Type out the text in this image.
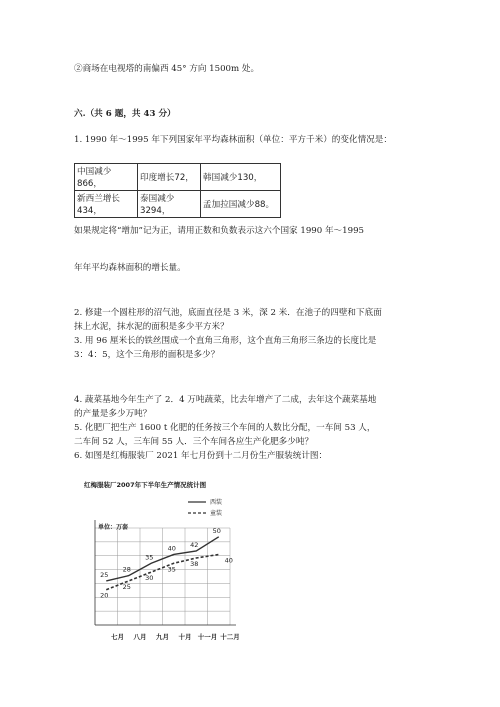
②商场在电视塔的南偏西 45° 方向 1500m 处。
六.（共 6 题，共 43 分）
1. 1990 年～1995 年下列国家年平均森林面积（单位：平方千米）的变化情况是：
中国减少866，	印度增长72，	韩国减少130，
新西兰增长434，	泰国减少3294，	孟加拉国减少88。
如果规定将“增加”记为正，请用正数和负数表示这六个国家 1990 年～1995
年年平均森林面积的增长量。
2. 修建一个圆柱形的沼气池，底面直径是 3 米，深 2 米．在池子的四壁和下底面
抹上水泥，抹水泥的面积是多少平方米？
3. 用 96 厘米长的铁丝围成一个直角三角形，这个直角三角形三条边的长度比是
3：4：5，这个三角形的面积是多少？
4. 蔬菜基地今年生产了 2．4 万吨蔬菜，比去年增产了二成，去年这个蔬菜基地
的产量是多少万吨？
5. 化肥厂把生产 1600 t 化肥的任务按三个车间的人数比分配，一车间 53 人，
二车间 52 人，三车间 55 人．三个车间各应生产化肥多少吨？
6. 如图是红梅服装厂 2021 年七月份到十二月份生产服装统计图：
红梅服装厂2007年下半年生产情况统计图
单位：万套
七月 八月 九月 十月 十一月 十二月
25
28
35
40 42
50
20
25
30
35
38	40
西装
童装
